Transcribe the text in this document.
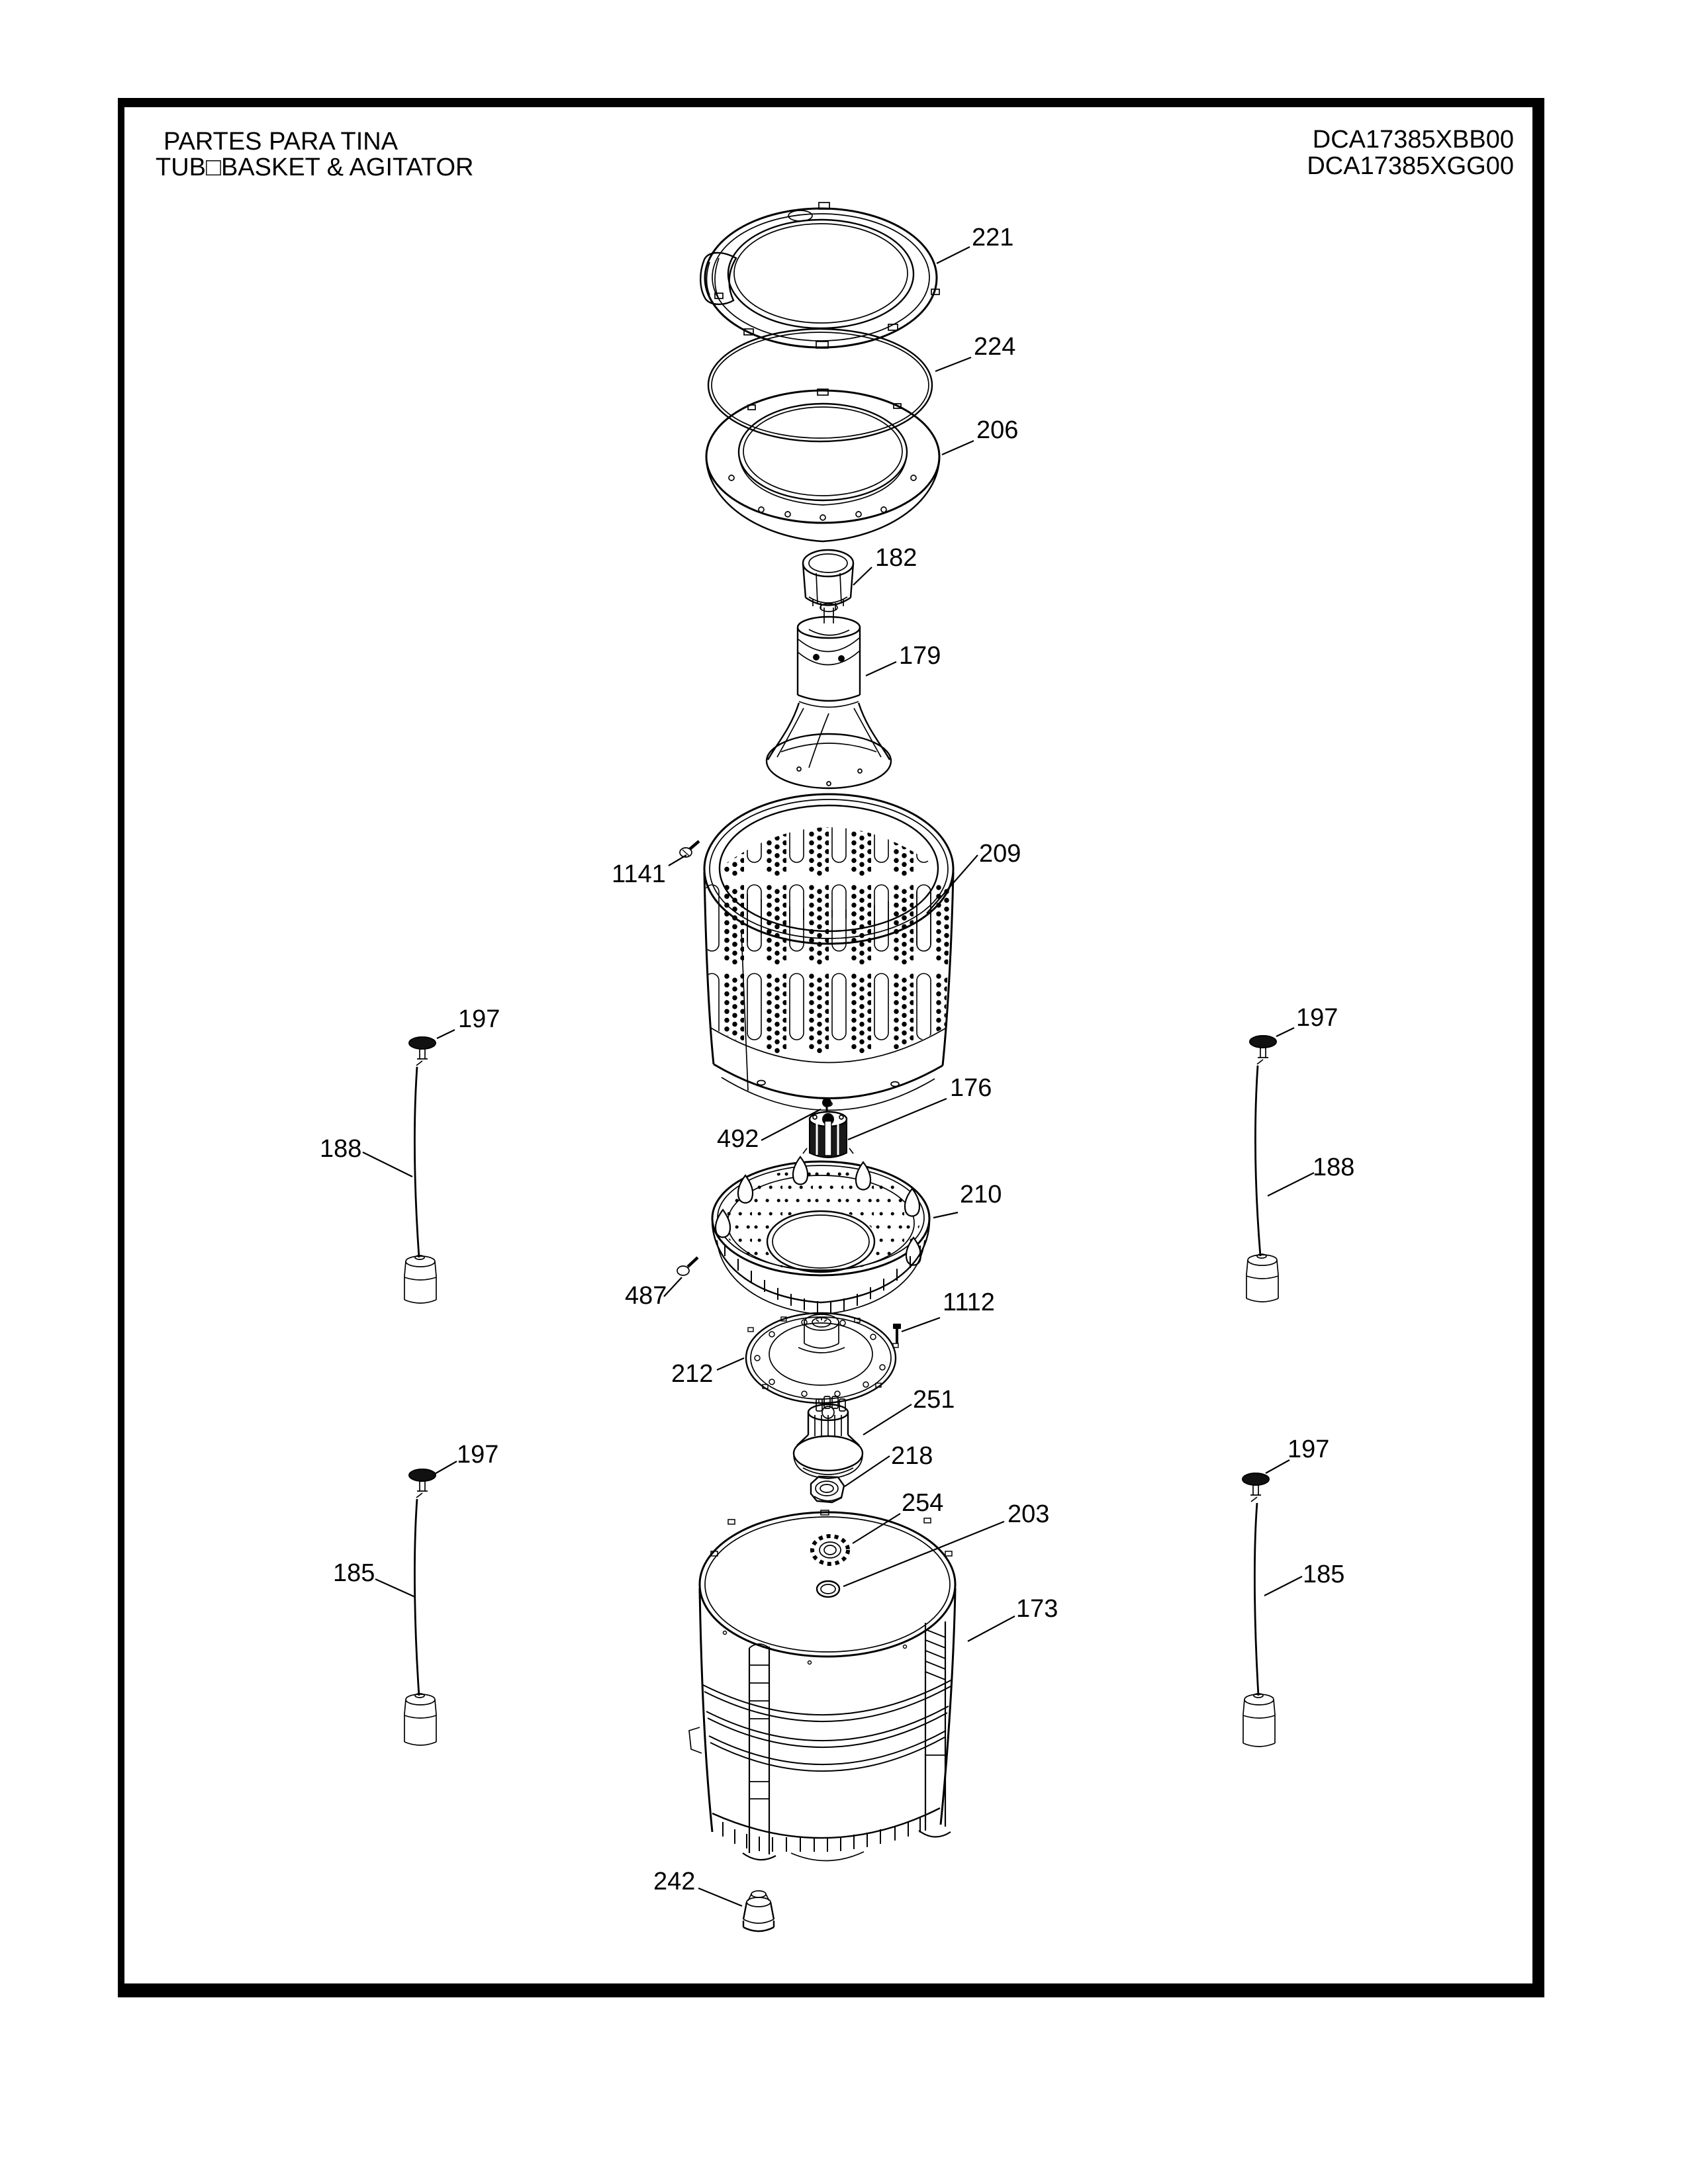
PARTES PARA TINA
TUB□BASKET & AGITATOR
DCA17385XBB00
DCA17385XGG00
221
224
206
182
179
1141
209
197
188
197
188
176
492
210
487	1112
212
251
218
254	203
173
197
185
197
185
242
